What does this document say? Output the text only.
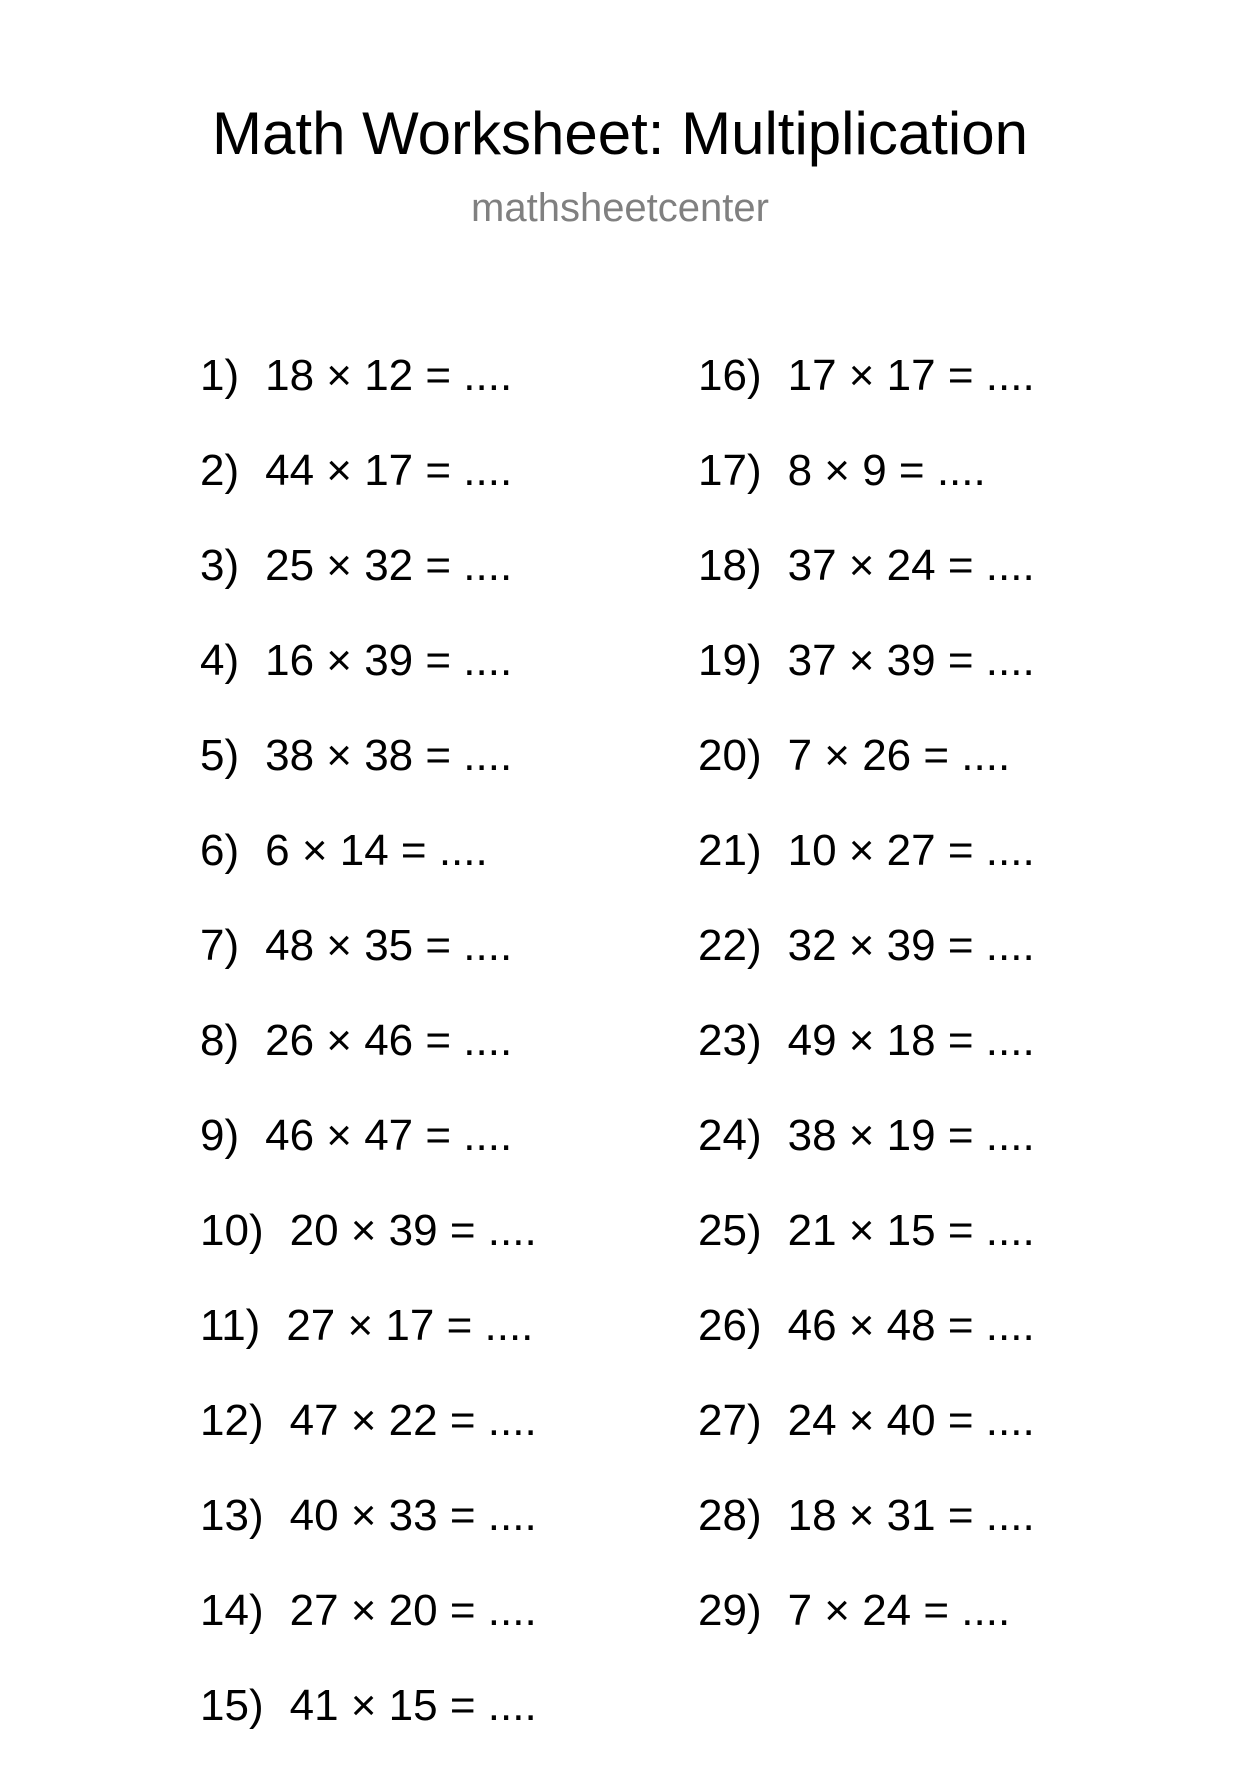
Math Worksheet: Multiplication
mathsheetcenter
1) 18 × 12 = ....
2) 44 × 17 = ....
3) 25 × 32 = ....
4) 16 × 39 = ....
5) 38 × 38 = ....
6) 6 × 14 = ....
7) 48 × 35 = ....
8) 26 × 46 = ....
9) 46 × 47 = ....
10) 20 × 39 = ....
11) 27 × 17 = ....
12) 47 × 22 = ....
13) 40 × 33 = ....
14) 27 × 20 = ....
15) 41 × 15 = ....
16) 17 × 17 = ....
17) 8 × 9 = ....
18) 37 × 24 = ....
19) 37 × 39 = ....
20) 7 × 26 = ....
21) 10 × 27 = ....
22) 32 × 39 = ....
23) 49 × 18 = ....
24) 38 × 19 = ....
25) 21 × 15 = ....
26) 46 × 48 = ....
27) 24 × 40 = ....
28) 18 × 31 = ....
29) 7 × 24 = ....
